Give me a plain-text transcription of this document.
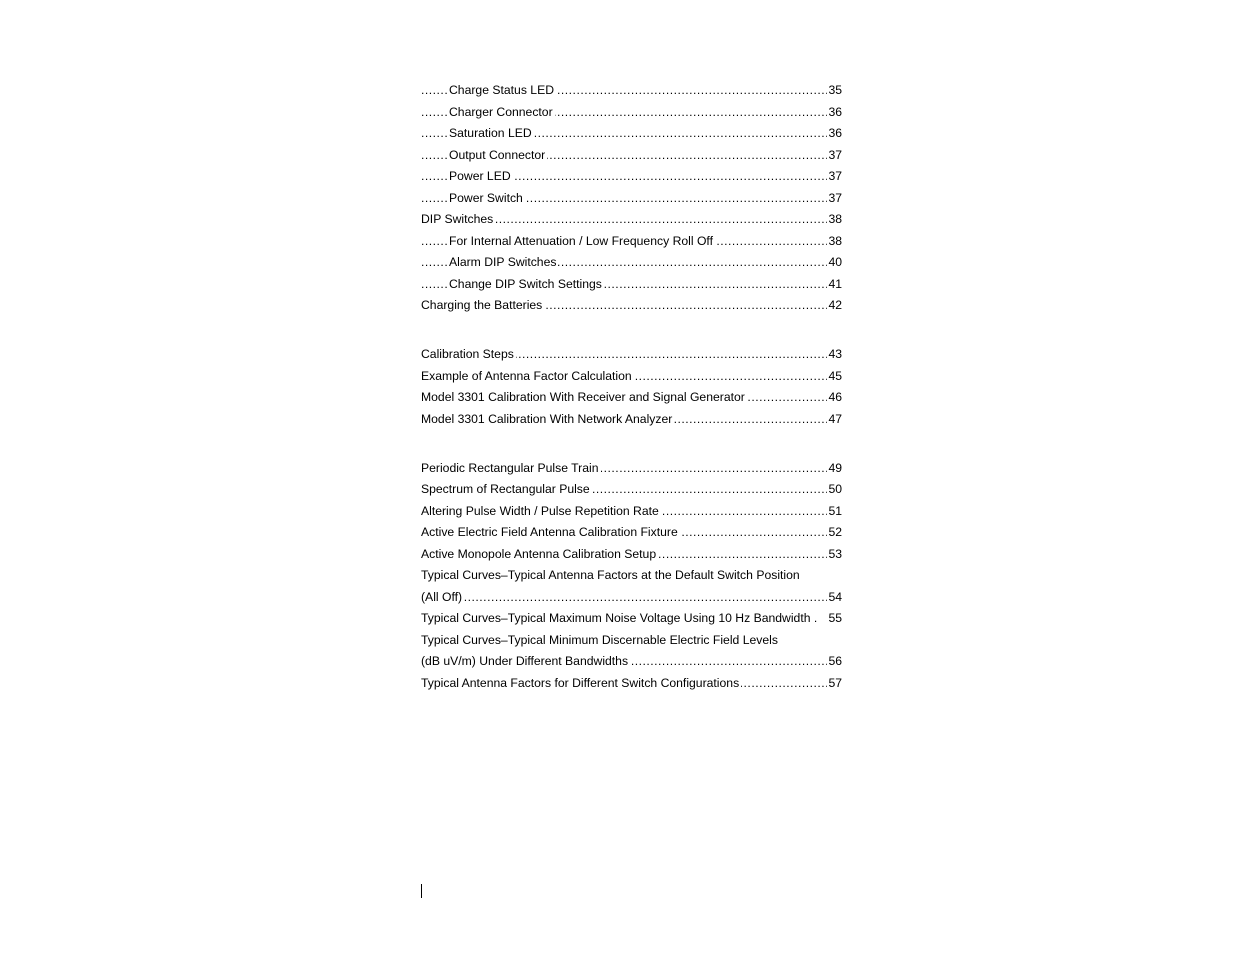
Charge Status LED	35
.....
Charger Connector	36
.....
Saturation LED	36
.....
Output Connector	37
.....
Power LED	37
.....
Power Switch	37
.....
DIP Switches	38
.....
For Internal Attenuation / Low Frequency Roll Off	38
.....
Alarm DIP Switches	40
.....
Change DIP Switch Settings	41
.....
Charging the Batteries	42
.....
Calibration Steps	43
.....
Example of Antenna Factor Calculation	45
.....
Model 3301 Calibration With Receiver and Signal Generator	46
.....
Model 3301 Calibration With Network Analyzer	47
.....
Periodic Rectangular Pulse Train	49
.....
Spectrum of Rectangular Pulse	50
.....
Altering Pulse Width / Pulse Repetition Rate	51
.....
Active Electric Field Antenna Calibration Fixture	52
.....
Active Monopole Antenna Calibration Setup	53
.....
Typical Curves–Typical Antenna Factors at the Default Switch Position
(All Off)	54
.....
Typical Curves–Typical Maximum Noise Voltage Using 10 Hz Bandwidth . 55
Typical Curves–Typical Minimum Discernable Electric Field Levels
(dB uV/m) Under Different Bandwidths	56
.....
Typical Antenna Factors for Different Switch Configurations	57
.....
